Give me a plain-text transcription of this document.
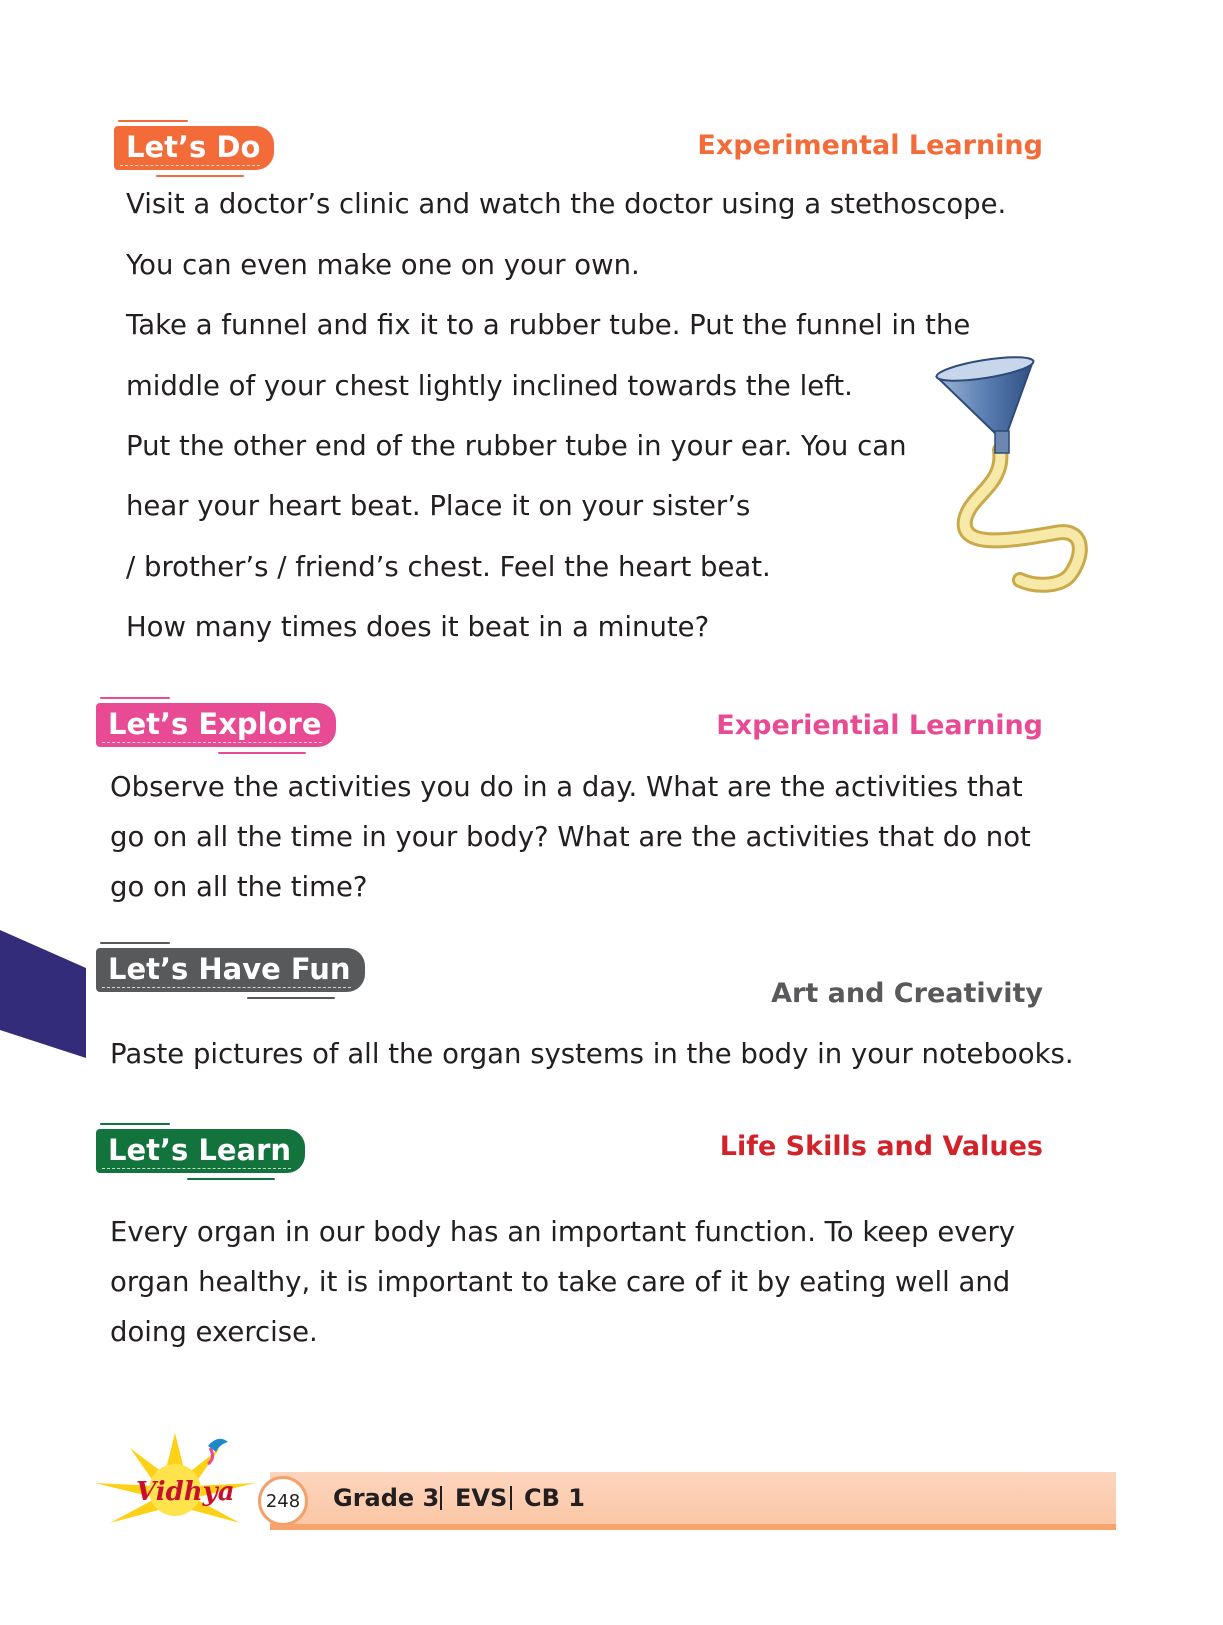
Let’s Do	Experimental Learning
Visit a doctor’s clinic and watch the doctor using a stethoscope.
You can even make one on your own.
Take a funnel and fix it to a rubber tube. Put the funnel in the
middle of your chest lightly inclined towards the left.
Put the other end of the rubber tube in your ear. You can
hear your heart beat. Place it on your sister’s
/ brother’s / friend’s chest. Feel the heart beat.
How many times does it beat in a minute?
Let’s Explore	Experiential Learning
Observe the activities you do in a day. What are the activities that
go on all the time in your body? What are the activities that do not
go on all the time?
Let’s Have Fun
Art and Creativity
Paste pictures of all the organ systems in the body in your notebooks.
Let’s Learn	Life Skills and Values
Every organ in our body has an important function. To keep every
organ healthy, it is important to take care of it by eating well and
doing exercise.
Vidhya 248 Grade 3 EVS CB 1
